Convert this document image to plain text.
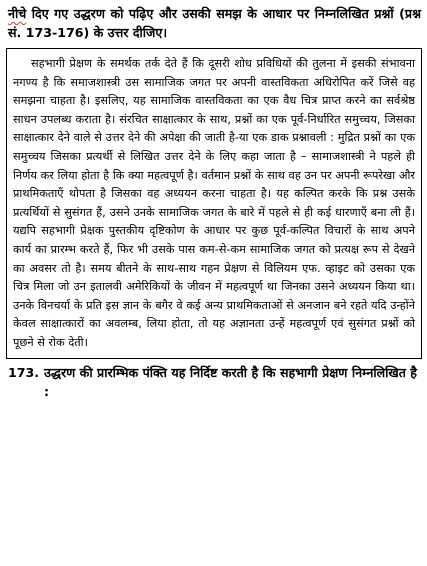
नीचे दिए गए उद्धरण को पढ़िए और उसकी समझ के आधार पर निम्नलिखित प्रश्नों (प्रश्न सं. 173-176) के उत्तर दीजिए।

सहभागी प्रेक्षण के समर्थक तर्क देते हैं कि दूसरी शोध प्रविधियों की तुलना में इसकी संभावना नगण्य है कि समाजशास्त्री उस सामाजिक जगत पर अपनी वास्तविकता अधिरोपित करें जिसे वह समझना चाहता है। इसलिए, यह सामाजिक वास्तविकता का एक वैध चित्र प्राप्त करने का सर्वश्रेष्ठ साधन उपलब्ध कराता है। संरचित साक्षात्कार के साथ, प्रश्नों का एक पूर्व-निर्धारित समुच्चय, जिसका साक्षात्कार देने वाले से उत्तर देने की अपेक्षा की जाती है-या एक डाक प्रश्नावली : मुद्रित प्रश्नों का एक समुच्चय जिसका प्रत्यर्थी से लिखित उत्तर देने के लिए कहा जाता है – सामाजशास्त्री ने पहले ही निर्णय कर लिया होता है कि क्या महत्वपूर्ण है। वर्तमान प्रश्नों के साथ वह उन पर अपनी रूपरेखा और प्राथमिकताएँ थोपता है जिसका वह अध्ययन करना चाहता है। यह कल्पित करके कि प्रश्न उसके प्रत्यर्थियों से सुसंगत हैं, उसने उनके सामाजिक जगत के बारे में पहले से ही कई धारणाएँ बना ली हैं। यद्यपि सहभागी प्रेक्षक पुस्तकीय दृष्टिकोण के आधार पर कुछ पूर्व-कल्पित विचारों के साथ अपने कार्य का प्रारम्भ करते हैं, फिर भी उसके पास कम-से-कम सामाजिक जगत को प्रत्यक्ष रूप से देखने का अवसर तो है। समय बीतने के साथ-साथ गहन प्रेक्षण से विलियम एफ. व्हाइट को उसका एक चित्र मिला जो उन इतालवी अमेरिकियों के जीवन में महत्वपूर्ण था जिनका उसने अध्ययन किया था। उनके विनचर्या के प्रति इस ज्ञान के बगैर वे कई अन्य प्राथमिकताओं से अनजान बने रहते यदि उन्होंने केवल साक्षात्कारों का अवलम्ब, लिया होता, तो यह अज्ञानता उन्हें महत्वपूर्ण एवं सुसंगत प्रश्नों को पूछने से रोक देती।

173. उद्धरण की प्रारम्भिक पंक्ति यह निर्दिष्ट करती है कि सहभागी प्रेक्षण निम्नलिखित है :
